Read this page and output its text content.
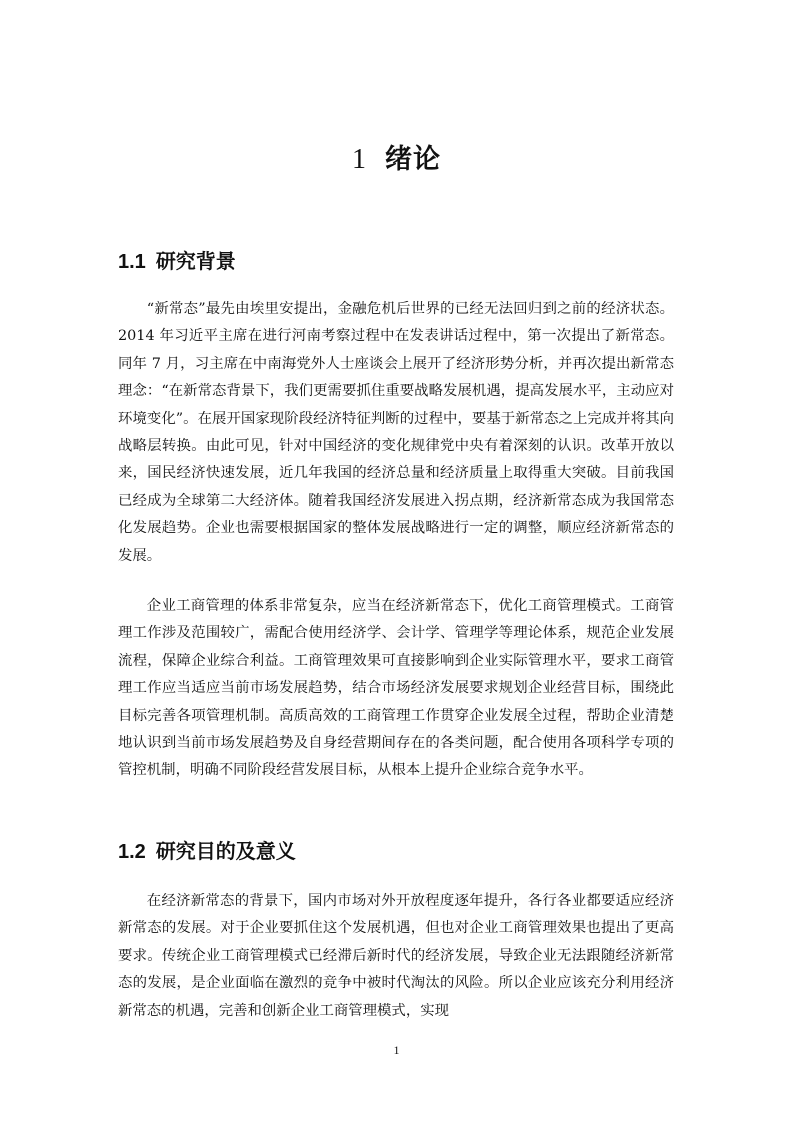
1 绪论
1.1 研究背景

“新常态”最先由埃里安提出，金融危机后世界的已经无法回归到之前的经济状态。2014 年习近平主席在进行河南考察过程中在发表讲话过程中，第一次提出了新常态。同年 7 月，习主席在中南海党外人士座谈会上展开了经济形势分析，并再次提出新常态理念：“在新常态背景下，我们更需要抓住重要战略发展机遇，提高发展水平，主动应对环境变化”。在展开国家现阶段经济特征判断的过程中，要基于新常态之上完成并将其向战略层转换。由此可见，针对中国经济的变化规律党中央有着深刻的认识。改革开放以来，国民经济快速发展，近几年我国的经济总量和经济质量上取得重大突破。目前我国已经成为全球第二大经济体。随着我国经济发展进入拐点期，经济新常态成为我国常态化发展趋势。企业也需要根据国家的整体发展战略进行一定的调整，顺应经济新常态的发展。

企业工商管理的体系非常复杂，应当在经济新常态下，优化工商管理模式。工商管理工作涉及范围较广，需配合使用经济学、会计学、管理学等理论体系，规范企业发展流程，保障企业综合利益。工商管理效果可直接影响到企业实际管理水平，要求工商管理工作应当适应当前市场发展趋势，结合市场经济发展要求规划企业经营目标，围绕此目标完善各项管理机制。高质高效的工商管理工作贯穿企业发展全过程，帮助企业清楚地认识到当前市场发展趋势及自身经营期间存在的各类问题，配合使用各项科学专项的管控机制，明确不同阶段经营发展目标，从根本上提升企业综合竞争水平。

1.2 研究目的及意义

在经济新常态的背景下，国内市场对外开放程度逐年提升，各行各业都要适应经济新常态的发展。对于企业要抓住这个发展机遇，但也对企业工商管理效果也提出了更高要求。传统企业工商管理模式已经滞后新时代的经济发展，导致企业无法跟随经济新常态的发展，是企业面临在激烈的竞争中被时代淘汰的风险。所以企业应该充分利用经济新常态的机遇，完善和创新企业工商管理模式，实现

1
